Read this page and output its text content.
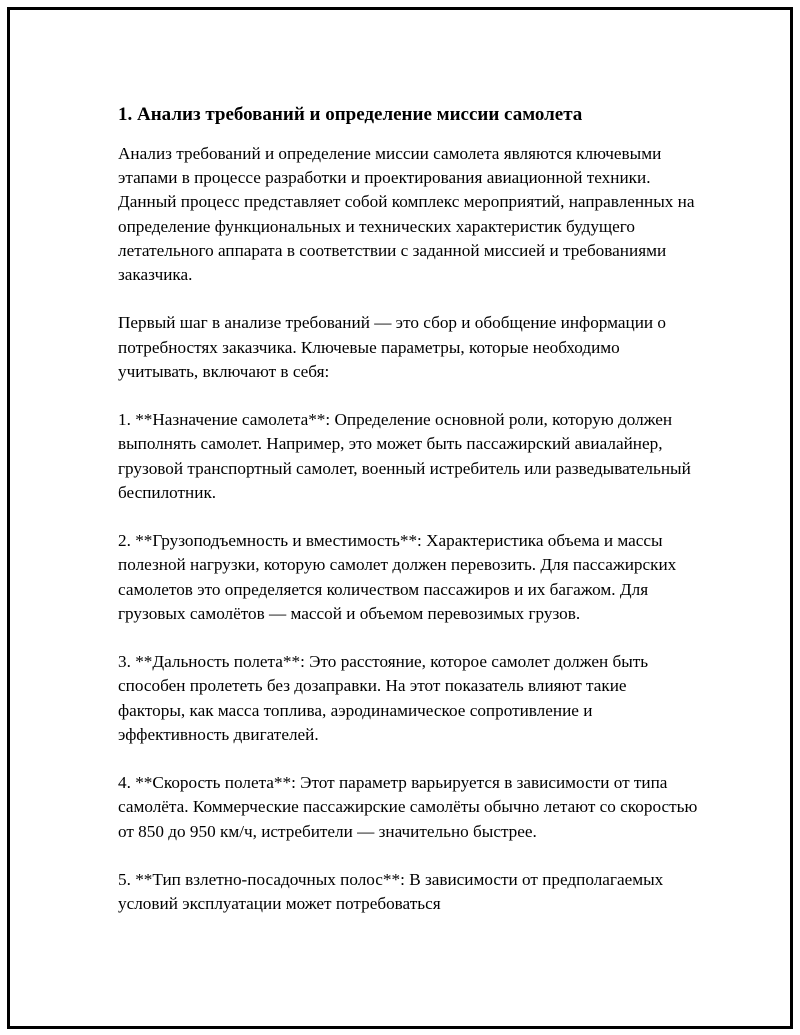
1. Анализ требований и определение миссии самолета

Анализ требований и определение миссии самолета являются ключевыми этапами в процессе разработки и проектирования авиационной техники. Данный процесс представляет собой комплекс мероприятий, направленных на определение функциональных и технических характеристик будущего летательного аппарата в соответствии с заданной миссией и требованиями заказчика.

Первый шаг в анализе требований — это сбор и обобщение информации о потребностях заказчика. Ключевые параметры, которые необходимо учитывать, включают в себя:

1. **Назначение самолета**: Определение основной роли, которую должен выполнять самолет. Например, это может быть пассажирский авиалайнер, грузовой транспортный самолет, военный истребитель или разведывательный беспилотник.

2. **Грузоподъемность и вместимость**: Характеристика объема и массы полезной нагрузки, которую самолет должен перевозить. Для пассажирских самолетов это определяется количеством пассажиров и их багажом. Для грузовых самолётов — массой и объемом перевозимых грузов.

3. **Дальность полета**: Это расстояние, которое самолет должен быть способен пролететь без дозаправки. На этот показатель влияют такие факторы, как масса топлива, аэродинамическое сопротивление и эффективность двигателей.

4. **Скорость полета**: Этот параметр варьируется в зависимости от типа самолёта. Коммерческие пассажирские самолёты обычно летают со скоростью от 850 до 950 км/ч, истребители — значительно быстрее.

5. **Тип взлетно-посадочных полос**: В зависимости от предполагаемых условий эксплуатации может потребоваться
